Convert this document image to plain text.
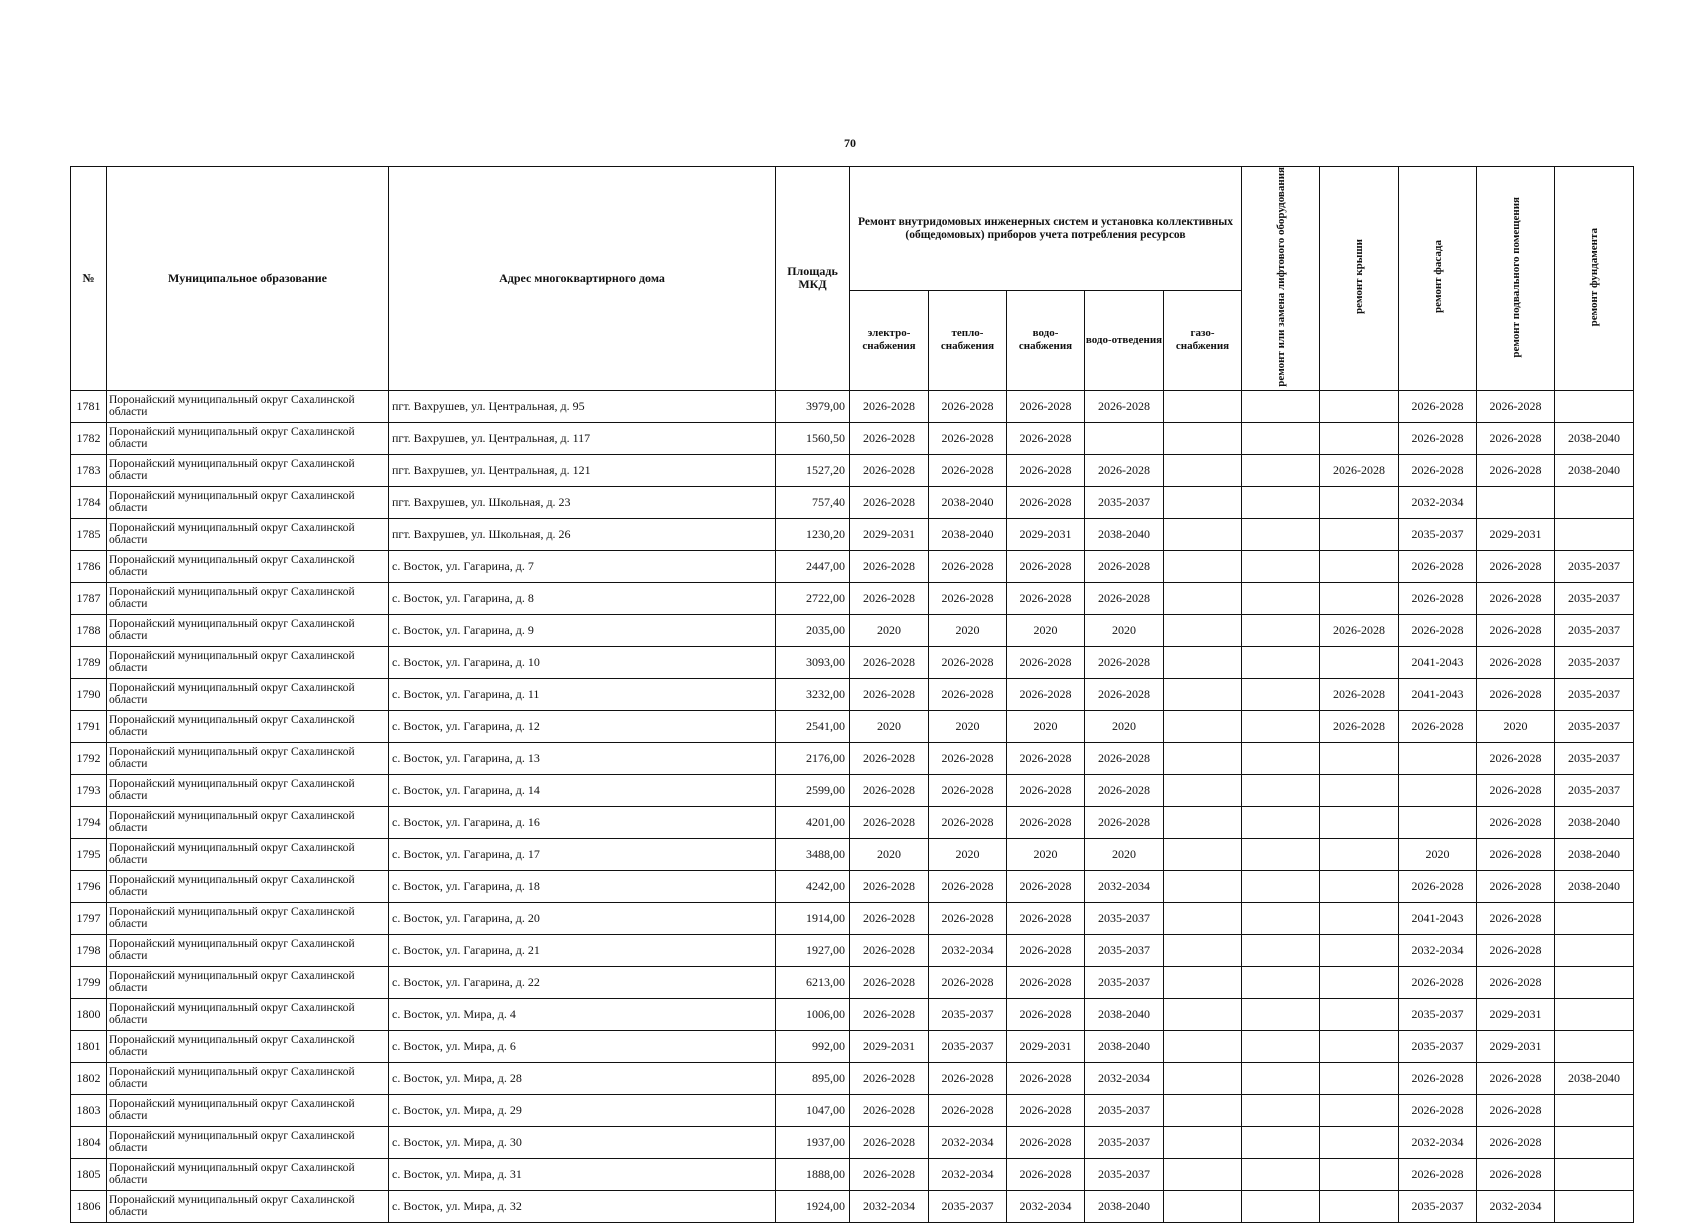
70
№	Муниципальное образование	Адрес многоквартирного дома	Площадь МКД	Ремонт внутридомовых инженерных систем и установка коллективных (общедомовых) приборов учета потребления ресурсов					ремонт или замена лифтового оборудования	ремонт крыши	ремонт фасада	ремонт подвального помещения	ремонт фундамента
				электро-снабжения	тепло-снабжения	водо-снабжения	водо-отведения	газо-снабжения					
1781	Поронайский муниципальный округ Сахалинской области	пгт. Вахрушев, ул. Центральная, д. 95	3979,00	2026-2028	2026-2028	2026-2028	2026-2028				2026-2028	2026-2028	
1782	Поронайский муниципальный округ Сахалинской области	пгт. Вахрушев, ул. Центральная, д. 117	1560,50	2026-2028	2026-2028	2026-2028					2026-2028	2026-2028	2038-2040
1783	Поронайский муниципальный округ Сахалинской области	пгт. Вахрушев, ул. Центральная, д. 121	1527,20	2026-2028	2026-2028	2026-2028	2026-2028			2026-2028	2026-2028	2026-2028	2038-2040
1784	Поронайский муниципальный округ Сахалинской области	пгт. Вахрушев, ул. Школьная, д. 23	757,40	2026-2028	2038-2040	2026-2028	2035-2037				2032-2034		
1785	Поронайский муниципальный округ Сахалинской области	пгт. Вахрушев, ул. Школьная, д. 26	1230,20	2029-2031	2038-2040	2029-2031	2038-2040				2035-2037	2029-2031	
1786	Поронайский муниципальный округ Сахалинской области	с. Восток, ул. Гагарина, д. 7	2447,00	2026-2028	2026-2028	2026-2028	2026-2028				2026-2028	2026-2028	2035-2037
1787	Поронайский муниципальный округ Сахалинской области	с. Восток, ул. Гагарина, д. 8	2722,00	2026-2028	2026-2028	2026-2028	2026-2028				2026-2028	2026-2028	2035-2037
1788	Поронайский муниципальный округ Сахалинской области	с. Восток, ул. Гагарина, д. 9	2035,00	2020	2020	2020	2020			2026-2028	2026-2028	2026-2028	2035-2037
1789	Поронайский муниципальный округ Сахалинской области	с. Восток, ул. Гагарина, д. 10	3093,00	2026-2028	2026-2028	2026-2028	2026-2028				2041-2043	2026-2028	2035-2037
1790	Поронайский муниципальный округ Сахалинской области	с. Восток, ул. Гагарина, д. 11	3232,00	2026-2028	2026-2028	2026-2028	2026-2028			2026-2028	2041-2043	2026-2028	2035-2037
1791	Поронайский муниципальный округ Сахалинской области	с. Восток, ул. Гагарина, д. 12	2541,00	2020	2020	2020	2020			2026-2028	2026-2028	2020	2035-2037
1792	Поронайский муниципальный округ Сахалинской области	с. Восток, ул. Гагарина, д. 13	2176,00	2026-2028	2026-2028	2026-2028	2026-2028					2026-2028	2035-2037
1793	Поронайский муниципальный округ Сахалинской области	с. Восток, ул. Гагарина, д. 14	2599,00	2026-2028	2026-2028	2026-2028	2026-2028					2026-2028	2035-2037
1794	Поронайский муниципальный округ Сахалинской области	с. Восток, ул. Гагарина, д. 16	4201,00	2026-2028	2026-2028	2026-2028	2026-2028					2026-2028	2038-2040
1795	Поронайский муниципальный округ Сахалинской области	с. Восток, ул. Гагарина, д. 17	3488,00	2020	2020	2020	2020				2020	2026-2028	2038-2040
1796	Поронайский муниципальный округ Сахалинской области	с. Восток, ул. Гагарина, д. 18	4242,00	2026-2028	2026-2028	2026-2028	2032-2034				2026-2028	2026-2028	2038-2040
1797	Поронайский муниципальный округ Сахалинской области	с. Восток, ул. Гагарина, д. 20	1914,00	2026-2028	2026-2028	2026-2028	2035-2037				2041-2043	2026-2028	
1798	Поронайский муниципальный округ Сахалинской области	с. Восток, ул. Гагарина, д. 21	1927,00	2026-2028	2032-2034	2026-2028	2035-2037				2032-2034	2026-2028	
1799	Поронайский муниципальный округ Сахалинской области	с. Восток, ул. Гагарина, д. 22	6213,00	2026-2028	2026-2028	2026-2028	2035-2037				2026-2028	2026-2028	
1800	Поронайский муниципальный округ Сахалинской области	с. Восток, ул. Мира, д. 4	1006,00	2026-2028	2035-2037	2026-2028	2038-2040				2035-2037	2029-2031	
1801	Поронайский муниципальный округ Сахалинской области	с. Восток, ул. Мира, д. 6	992,00	2029-2031	2035-2037	2029-2031	2038-2040				2035-2037	2029-2031	
1802	Поронайский муниципальный округ Сахалинской области	с. Восток, ул. Мира, д. 28	895,00	2026-2028	2026-2028	2026-2028	2032-2034				2026-2028	2026-2028	2038-2040
1803	Поронайский муниципальный округ Сахалинской области	с. Восток, ул. Мира, д. 29	1047,00	2026-2028	2026-2028	2026-2028	2035-2037				2026-2028	2026-2028	
1804	Поронайский муниципальный округ Сахалинской области	с. Восток, ул. Мира, д. 30	1937,00	2026-2028	2032-2034	2026-2028	2035-2037				2032-2034	2026-2028	
1805	Поронайский муниципальный округ Сахалинской области	с. Восток, ул. Мира, д. 31	1888,00	2026-2028	2032-2034	2026-2028	2035-2037				2026-2028	2026-2028	
1806	Поронайский муниципальный округ Сахалинской области	с. Восток, ул. Мира, д. 32	1924,00	2032-2034	2035-2037	2032-2034	2038-2040				2035-2037	2032-2034	
